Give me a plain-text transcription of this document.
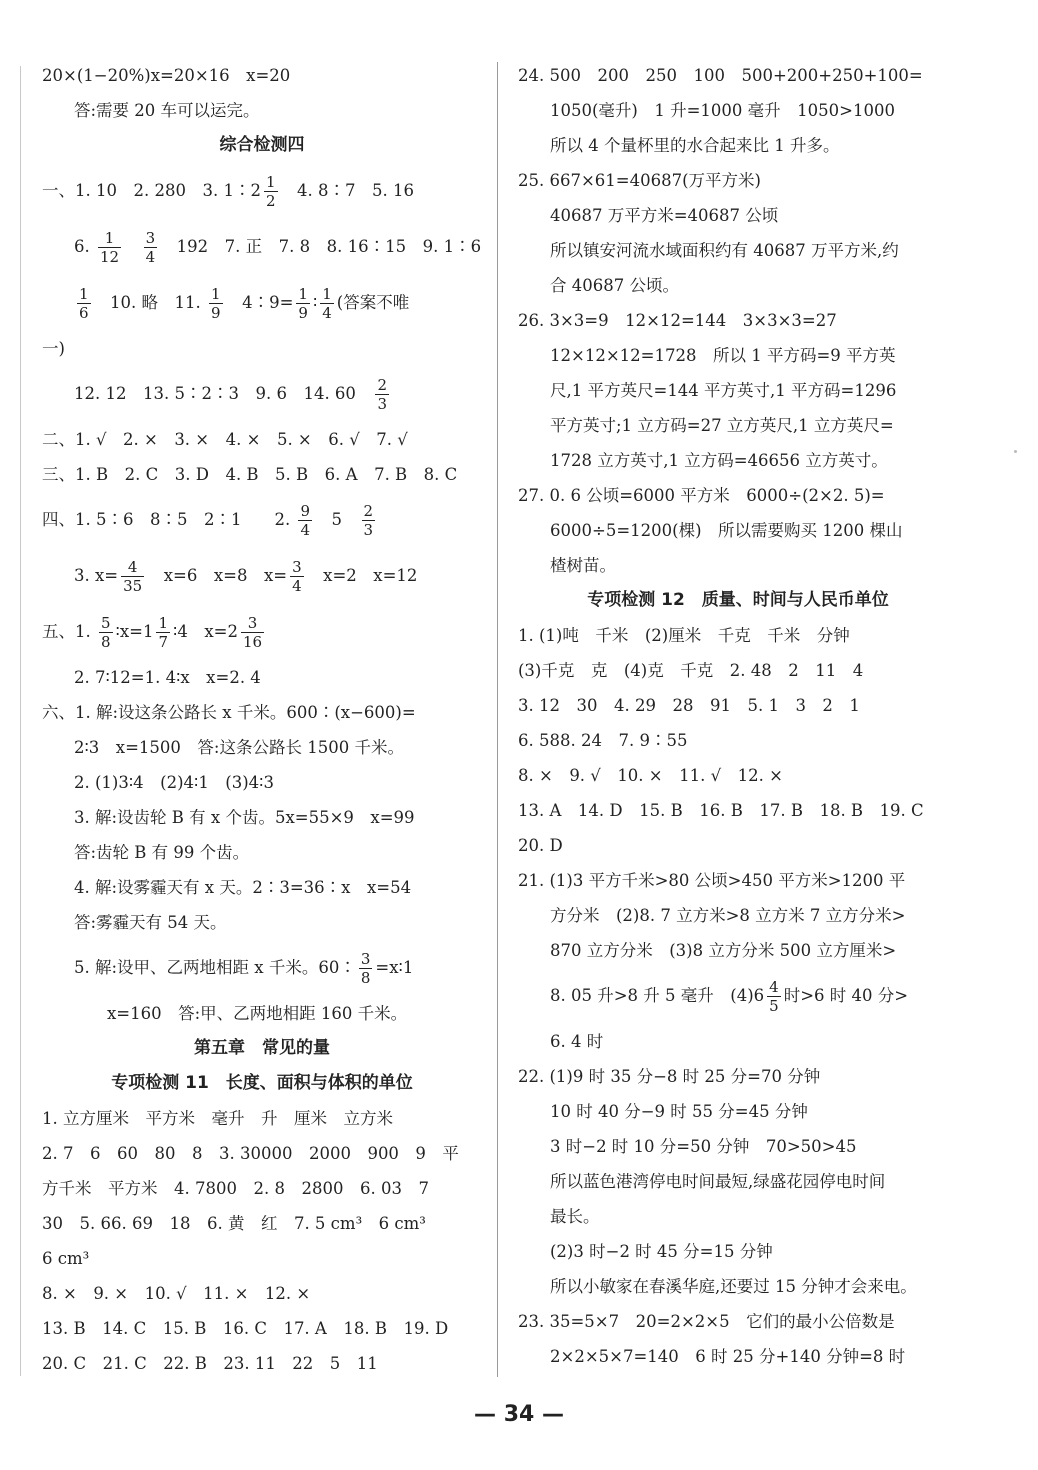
20×(1−20%)x=20×16　x=20
答:需要 20 车可以运完。
综合检测四
一、1. 10　2. 280　3. 1∶2 $\frac{1}{2}$ 　4. 8∶7　5. 16
6. $\frac{1}{12}$
　 $\frac{3}{4}$ 　192　7. 正　7. 8　8. 16∶15　9. 1∶6
$\frac{1}{6}$ 　10. 略　11. $\frac{1}{9}$ 　4∶9= $\frac{1}{9}$ ∶ $\frac{1}{4}$ (答案不唯
一)
12. 12　13. 5∶2∶3　9. 6　14. 60　 $\frac{2}{3}$
二、1. √　2. ×　3. ×　4. ×　5. ×　6. √　7. √
三、1. B　2. C　3. D　4. B　5. B　6. A　7. B　8. C
四、1. 5∶6　8∶5　2∶1　　2. $\frac{9}{4}$ 　5　 $\frac{2}{3}$
3. $x= \frac{4}{35}$ 　x=6　x=8　$x= \frac{3}{4}$ 　x=2　x=12
五、1. $\frac{5}{8}$ ∶x=1 $\frac{1}{7}$ ∶4　$x=2 \frac{3}{16}$
2. 7∶12=1. 4∶x　x=2. 4
六、1. 解:设这条公路长 x 千米。600∶(x−600)=
2∶3　x=1500　答:这条公路长 1500 千米。
2. (1)3∶4　(2)4∶1　(3)4∶3
3. 解:设齿轮 B 有 x 个齿。5x=55×9　x=99
答:齿轮 B 有 99 个齿。
4. 解:设雾霾天有 x 天。2∶3=36∶x　x=54
答:雾霾天有 54 天。
5. 解:设甲、乙两地相距 x 千米。60∶ $\frac{3}{8}$ =x∶1
　　x=160　答:甲、乙两地相距 160 千米。
第五章　常见的量
专项检测 11　长度、面积与体积的单位
1. 立方厘米　平方米　毫升　升　厘米　立方米
2. 7　6　60　80　8　3. 30000　2000　900　9　平
方千米　平方米　4. 7800　2. 8　2800　6. 03　7
30　5. 66. 69　18　6. 黄　红　7. 5 cm³　6 cm³
6 cm³
8. ×　9. ×　10. √　11. ×　12. ×
13. B　14. C　15. B　16. C　17. A　18. B　19. D
20. C　21. C　22. B　23. 11　22　5　11
24. 500　200　250　100　500+200+250+100=
1050(毫升)　1 升=1000 毫升　1050>1000
所以 4 个量杯里的水合起来比 1 升多。
25. 667×61=40687(万平方米)
40687 万平方米=40687 公顷
所以镇安河流水域面积约有 40687 万平方米,约
合 40687 公顷。
26. 3×3=9　12×12=144　3×3×3=27
12×12×12=1728　所以 1 平方码=9 平方英
尺,1 平方英尺=144 平方英寸,1 平方码=1296
平方英寸;1 立方码=27 立方英尺,1 立方英尺=
1728 立方英寸,1 立方码=46656 立方英寸。
27. 0. 6 公顷=6000 平方米　6000÷(2×2. 5)=
6000÷5=1200(棵)　所以需要购买 1200 棵山
楂树苗。
专项检测 12　质量、时间与人民币单位
1. (1)吨　千米　(2)厘米　千克　千米　分钟
(3)千克　克　(4)克　千克　2. 48　2　11　4
3. 12　30　4. 29　28　91　5. 1　3　2　1
6. 588. 24　7. 9∶55
8. ×　9. √　10. ×　11. √　12. ×
13. A　14. D　15. B　16. B　17. B　18. B　19. C
20. D
21. (1)3 平方千米>80 公顷>450 平方米>1200 平
方分米　(2)8. 7 立方米>8 立方米 7 立方分米>
870 立方分米　(3)8 立方分米 500 立方厘米>
8. 05 升>8 升 5 毫升　$(4)6 \frac{4}{5}$ 时>6 时 40 分>
6. 4 时
22. (1)9 时 35 分−8 时 25 分=70 分钟
10 时 40 分−9 时 55 分=45 分钟
3 时−2 时 10 分=50 分钟　70>50>45
所以蓝色港湾停电时间最短,绿盛花园停电时间
最长。
(2)3 时−2 时 45 分=15 分钟
所以小敏家在春溪华庭,还要过 15 分钟才会来电。
23. 35=5×7　20=2×2×5　它们的最小公倍数是
2×2×5×7=140　6 时 25 分+140 分钟=8 时
— 34 —
